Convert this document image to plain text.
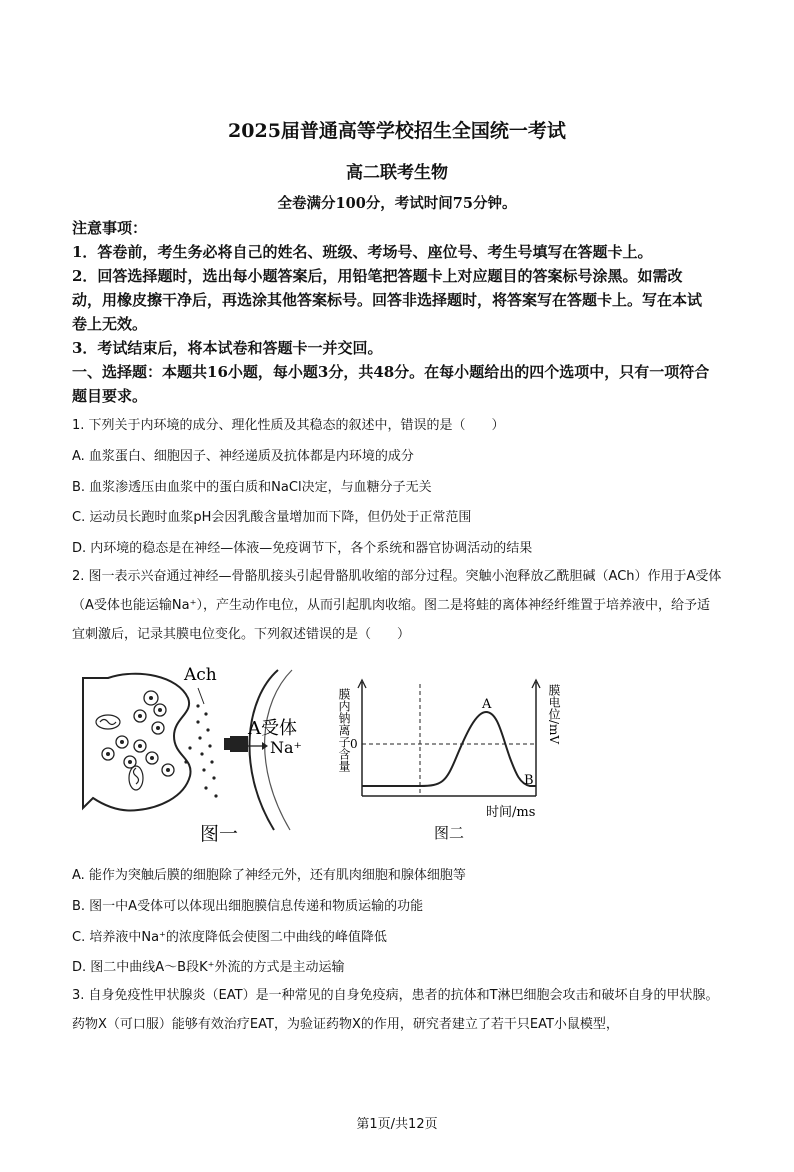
2025届普通高等学校招生全国统一考试
高二联考生物
全卷满分100分，考试时间75分钟。
注意事项：
1．答卷前，考生务必将自己的姓名、班级、考场号、座位号、考生号填写在答题卡上。
2．回答选择题时，选出每小题答案后，用铅笔把答题卡上对应题目的答案标号涂黑。如需改动，用橡皮擦干净后，再选涂其他答案标号。回答非选择题时，将答案写在答题卡上。写在本试卷上无效。
3．考试结束后，将本试卷和答题卡一并交回。
一、选择题：本题共16小题，每小题3分，共48分。在每小题给出的四个选项中，只有一项符合题目要求。
1. 下列关于内环境的成分、理化性质及其稳态的叙述中，错误的是（　　）
A. 血浆蛋白、细胞因子、神经递质及抗体都是内环境的成分
B. 血浆渗透压由血浆中的蛋白质和NaCl决定，与血糖分子无关
C. 运动员长跑时血浆pH会因乳酸含量增加而下降，但仍处于正常范围
D. 内环境的稳态是在神经—体液—免疫调节下，各个系统和器官协调活动的结果
2. 图一表示兴奋通过神经—骨骼肌接头引起骨骼肌收缩的部分过程。突触小泡释放乙酰胆碱（ACh）作用于A受体（A受体也能运输Na⁺），产生动作电位，从而引起肌肉收缩。图二是将蛙的离体神经纤维置于培养液中，给予适宜刺激后，记录其膜电位变化。下列叙述错误的是（　　）
Ach
A受体
Na⁺
图一
膜内钠离子含量	膜电位/mV
0
A
B
时间/ms
图二
A. 能作为突触后膜的细胞除了神经元外，还有肌肉细胞和腺体细胞等
B. 图一中A受体可以体现出细胞膜信息传递和物质运输的功能
C. 培养液中Na⁺的浓度降低会使图二中曲线的峰值降低
D. 图二中曲线A～B段K⁺外流的方式是主动运输
3. 自身免疫性甲状腺炎（EAT）是一种常见的自身免疫病，患者的抗体和T淋巴细胞会攻击和破坏自身的甲状腺。药物X（可口服）能够有效治疗EAT，为验证药物X的作用，研究者建立了若干只EAT小鼠模型，
第1页/共12页
